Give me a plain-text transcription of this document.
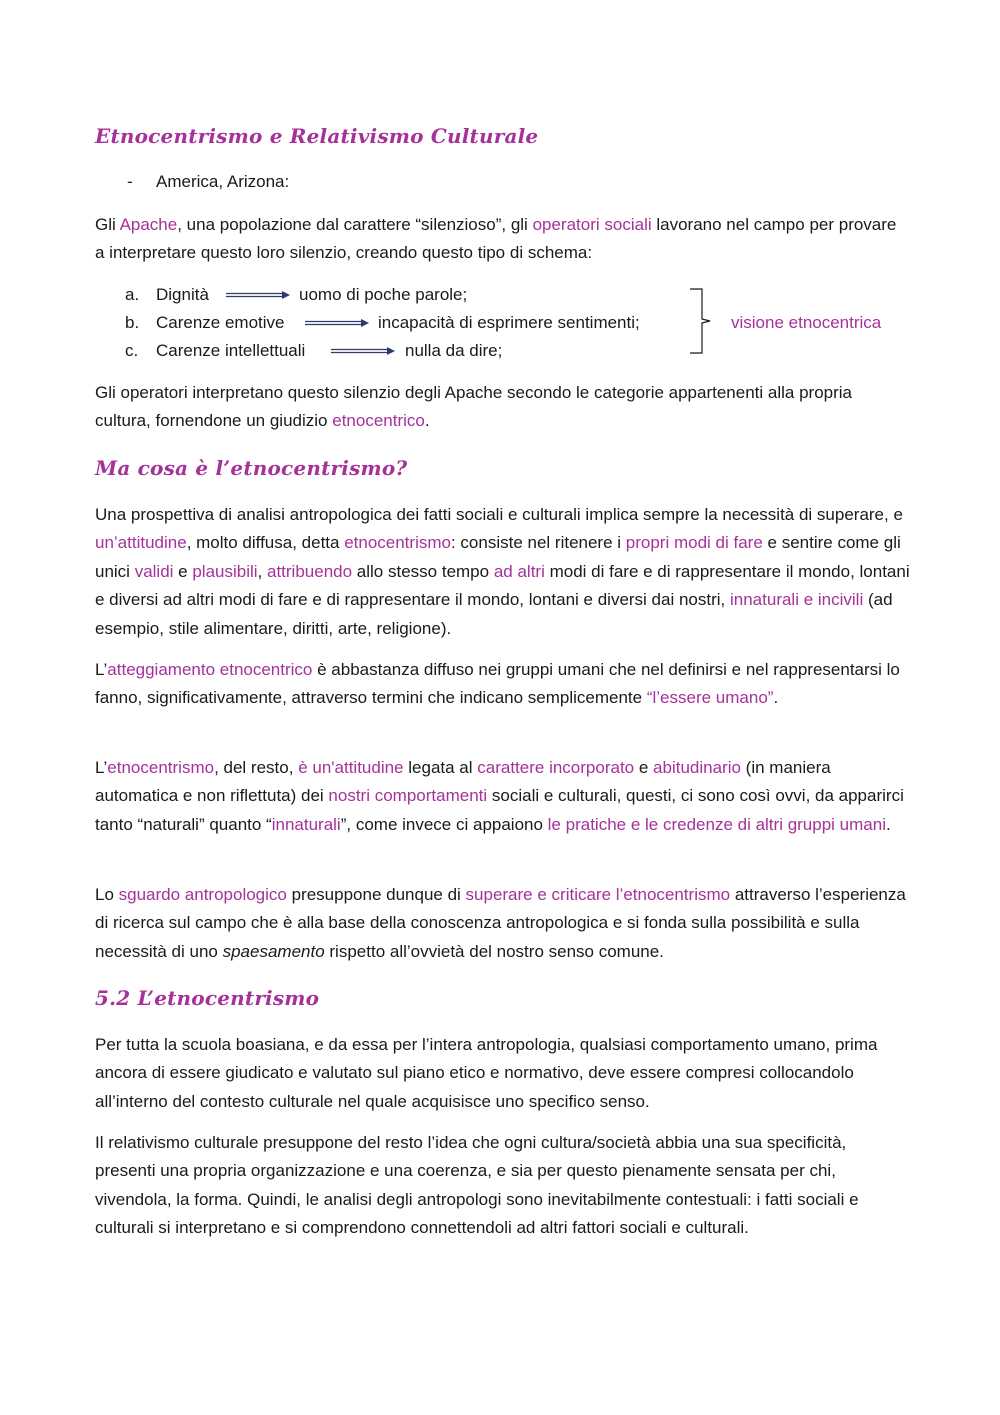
Etnocentrismo e Relativismo Culturale
- America, Arizona:

Gli Apache, una popolazione dal carattere “silenzioso”, gli operatori sociali lavorano nel campo per provare a interpretare questo loro silenzio, creando questo tipo di schema:

a. Dignità	uomo di poche parole;
b. Carenze emotive	incapacità di esprimere sentimenti;
c. Carenze intellettuali	nulla da dire;
visione etnocentrica

Gli operatori interpretano questo silenzio degli Apache secondo le categorie appartenenti alla propria cultura, fornendone un giudizio etnocentrico.

Ma cosa è l’etnocentrismo?

Una prospettiva di analisi antropologica dei fatti sociali e culturali implica sempre la necessità di superare, e un’attitudine, molto diffusa, detta etnocentrismo: consiste nel ritenere i propri modi di fare e sentire come gli unici validi e plausibili, attribuendo allo stesso tempo ad altri modi di fare e di rappresentare il mondo, lontani e diversi ad altri modi di fare e di rappresentare il mondo, lontani e diversi dai nostri, innaturali e incivili (ad esempio, stile alimentare, diritti, arte, religione).

L’atteggiamento etnocentrico è abbastanza diffuso nei gruppi umani che nel definirsi e nel rappresentarsi lo fanno, significativamente, attraverso termini che indicano semplicemente “l’essere umano”.

L’etnocentrismo, del resto, è un'attitudine legata al carattere incorporato e abitudinario (in maniera automatica e non riflettuta) dei nostri comportamenti sociali e culturali, questi, ci sono così ovvi, da apparirci tanto “naturali” quanto “innaturali”, come invece ci appaiono le pratiche e le credenze di altri gruppi umani.

Lo sguardo antropologico presuppone dunque di superare e criticare l’etnocentrismo attraverso l’esperienza di ricerca sul campo che è alla base della conoscenza antropologica e si fonda sulla possibilità e sulla necessità di uno spaesamento rispetto all’ovvietà del nostro senso comune.

5.2 L’etnocentrismo

Per tutta la scuola boasiana, e da essa per l’intera antropologia, qualsiasi comportamento umano, prima ancora di essere giudicato e valutato sul piano etico e normativo, deve essere compresi collocandolo all’interno del contesto culturale nel quale acquisisce uno specifico senso.

Il relativismo culturale presuppone del resto l’idea che ogni cultura/società abbia una sua specificità, presenti una propria organizzazione e una coerenza, e sia per questo pienamente sensata per chi, vivendola, la forma. Quindi, le analisi degli antropologi sono inevitabilmente contestuali: i fatti sociali e culturali si interpretano e si comprendono connettendoli ad altri fattori sociali e culturali.
